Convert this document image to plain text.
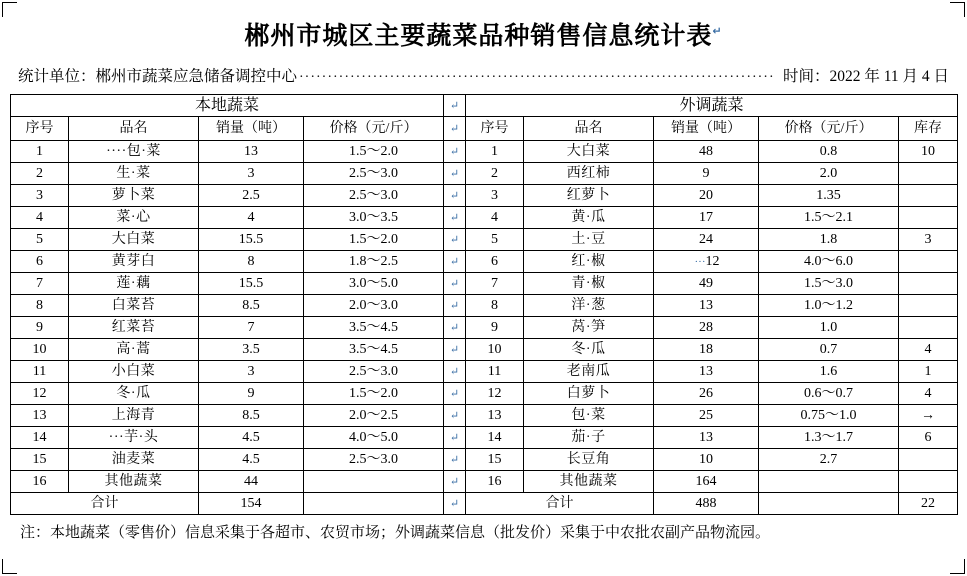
郴州市城区主要蔬菜品种销售信息统计表↵
统计单位：郴州市蔬菜应急储备调控中心 ···················································································· 时间：2022 年 11 月 4 日
本地蔬菜				↵	外调蔬菜				
序号	品名	销量（吨）	价格（元/斤）	↵	序号	品名	销量（吨）	价格（元/斤）	库存
1	····包·菜	13	1.5～2.0	↵	1	大白菜	48	0.8	10
2	生·菜	3	2.5～3.0	↵	2	西红柿	9	2.0	
3	萝卜菜	2.5	2.5～3.0	↵	3	红萝卜	20	1.35	
4	菜·心	4	3.0～3.5	↵	4	黄·瓜	17	1.5～2.1	
5	大白菜	15.5	1.5～2.0	↵	5	土·豆	24	1.8	3
6	黄芽白	8	1.8～2.5	↵	6	红·椒	···12	4.0～6.0	
7	莲·藕	15.5	3.0～5.0	↵	7	青·椒	49	1.5～3.0	
8	白菜苔	8.5	2.0～3.0	↵	8	洋·葱	13	1.0～1.2	
9	红菜苔	7	3.5～4.5	↵	9	莴·笋	28	1.0	
10	高·蒿	3.5	3.5～4.5	↵	10	冬·瓜	18	0.7	4
11	小白菜	3	2.5～3.0	↵	11	老南瓜	13	1.6	1
12	冬·瓜	9	1.5～2.0	↵	12	白萝卜	26	0.6～0.7	4
13	上海青	8.5	2.0～2.5	↵	13	包·菜	25	0.75～1.0	→
14	···芋·头	4.5	4.0～5.0	↵	14	茄·子	13	1.3～1.7	6
15	油麦菜	4.5	2.5～3.0	↵	15	长豆角	10	2.7	
16	其他蔬菜	44		↵	16	其他蔬菜	164		
合计		154		↵	合计		488		22
注：本地蔬菜（零售价）信息采集于各超市、农贸市场；外调蔬菜信息（批发价）采集于中农批农副产品物流园。
